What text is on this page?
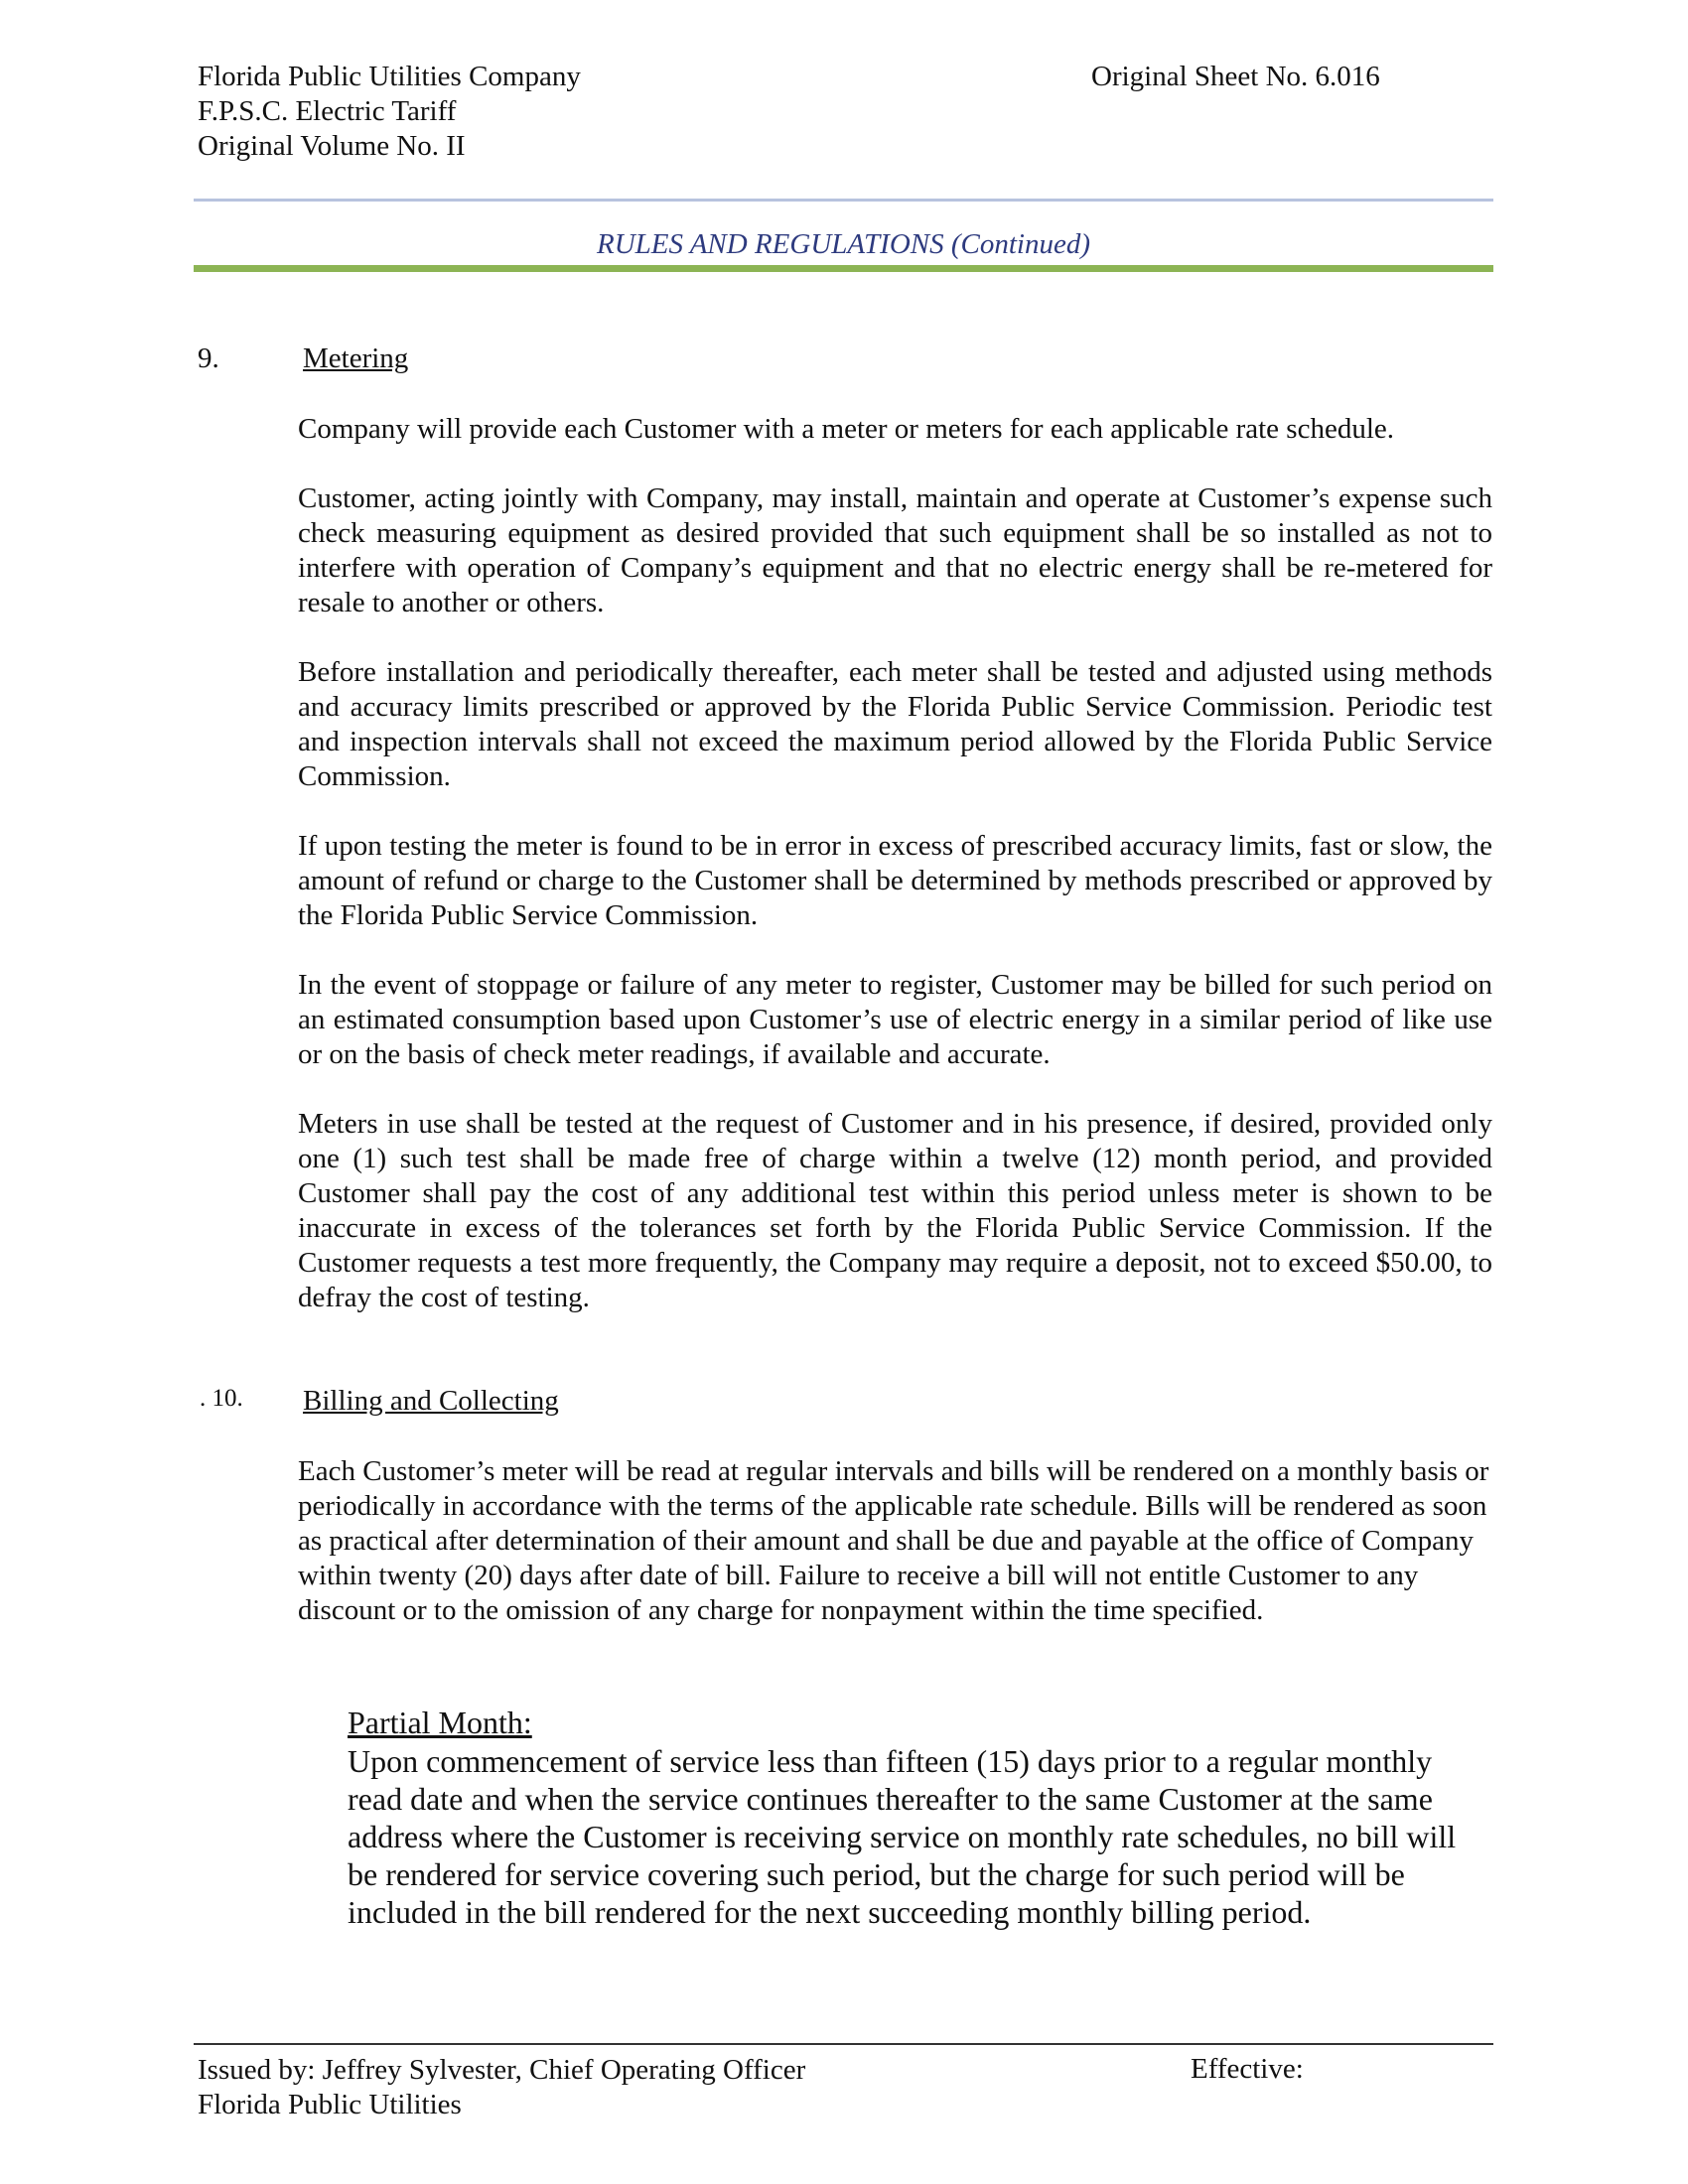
Florida Public Utilities Company
F.P.S.C. Electric Tariff
Original Volume No. II
Original Sheet No. 6.016
RULES AND REGULATIONS (Continued)
9.	Metering

Company will provide each Customer with a meter or meters for each applicable rate schedule.

Customer, acting jointly with Company, may install, maintain and operate at Customer’s expense such check measuring equipment as desired provided that such equipment shall be so installed as not to interfere with operation of Company’s equipment and that no electric energy shall be re-metered for resale to another or others.

Before installation and periodically thereafter, each meter shall be tested and adjusted using methods and accuracy limits prescribed or approved by the Florida Public Service Commission. Periodic test and inspection intervals shall not exceed the maximum period allowed by the Florida Public Service Commission.

If upon testing the meter is found to be in error in excess of prescribed accuracy limits, fast or slow, the amount of refund or charge to the Customer shall be determined by methods prescribed or approved by the Florida Public Service Commission.

In the event of stoppage or failure of any meter to register, Customer may be billed for such period on an estimated consumption based upon Customer’s use of electric energy in a similar period of like use or on the basis of check meter readings, if available and accurate.

Meters in use shall be tested at the request of Customer and in his presence, if desired, provided only one (1) such test shall be made free of charge within a twelve (12) month period, and provided Customer shall pay the cost of any additional test within this period unless meter is shown to be inaccurate in excess of the tolerances set forth by the Florida Public Service Commission. If the Customer requests a test more frequently, the Company may require a deposit, not to exceed $50.00, to defray the cost of testing.

. 10. Billing and Collecting

Each Customer’s meter will be read at regular intervals and bills will be rendered on a monthly basis or periodically in accordance with the terms of the applicable rate schedule. Bills will be rendered as soon as practical after determination of their amount and shall be due and payable at the office of Company within twenty (20) days after date of bill. Failure to receive a bill will not entitle Customer to any discount or to the omission of any charge for nonpayment within the time specified.

Partial Month:

Upon commencement of service less than fifteen (15) days prior to a regular monthly read date and when the service continues thereafter to the same Customer at the same address where the Customer is receiving service on monthly rate schedules, no bill will be rendered for service covering such period, but the charge for such period will be included in the bill rendered for the next succeeding monthly billing period.

Issued by: Jeffrey Sylvester, Chief Operating Officer
Florida Public Utilities
Effective:
